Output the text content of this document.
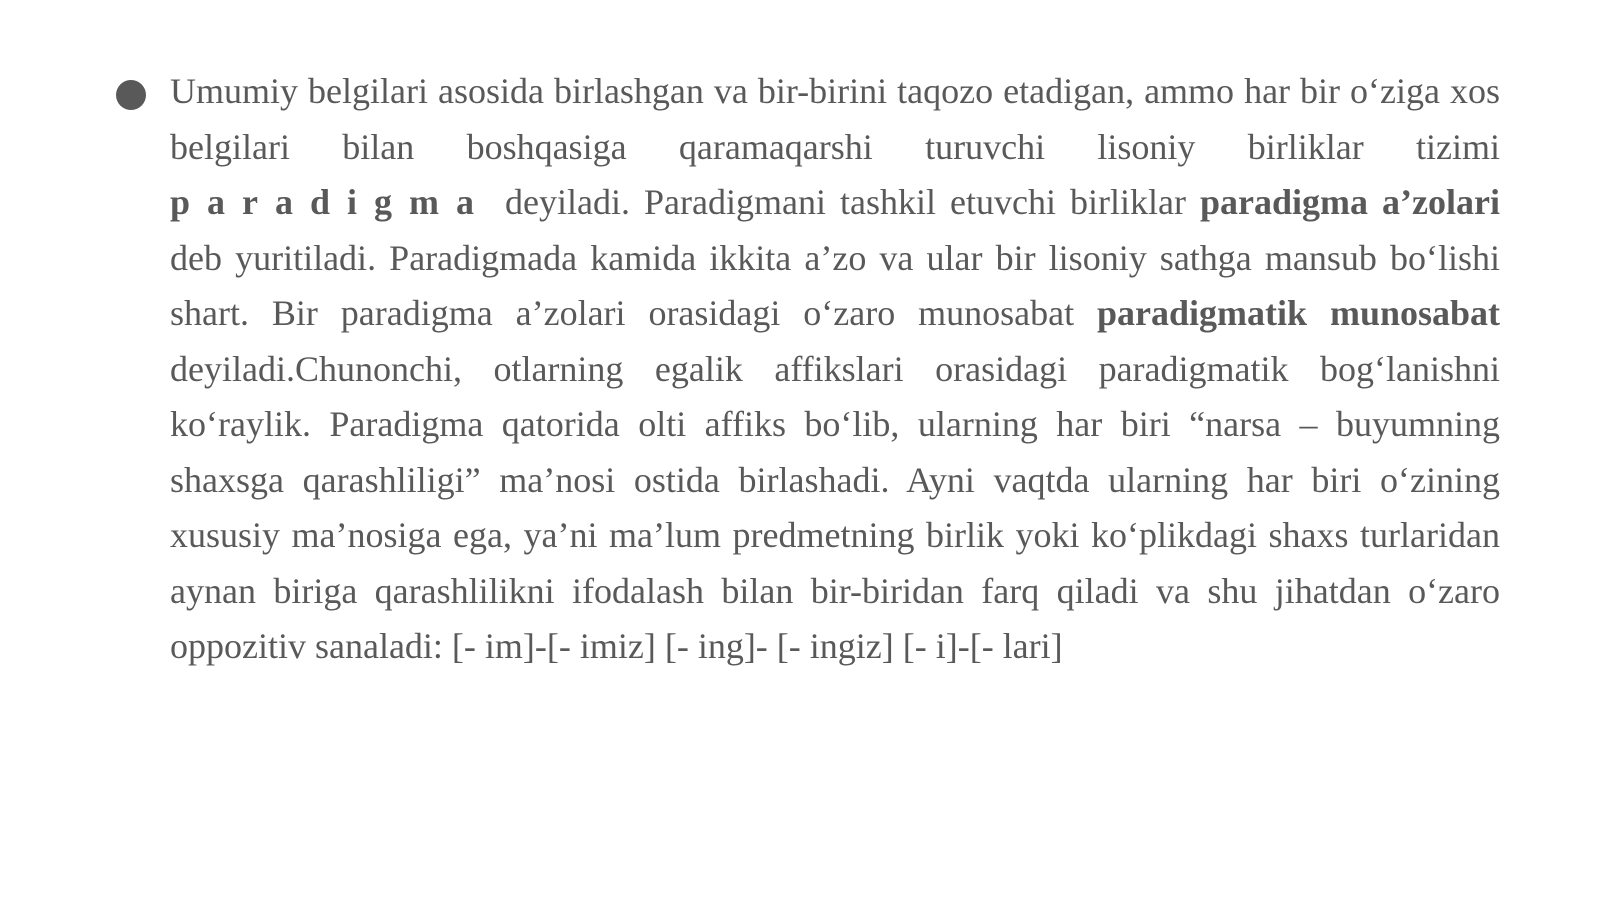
Umumiy belgilari asosida birlashgan va bir-birini taqozo etadigan, ammo har bir o‘ziga xos belgilari bilan boshqasiga qaramaqarshi turuvchi lisoniy birliklar tizimi paradigma deyiladi. Paradigmani tashkil etuvchi birliklar paradigma a’zolari deb yuritiladi. Paradigmada kamida ikkita a’zo va ular bir lisoniy sathga mansub bo‘lishi shart. Bir paradigma a’zolari orasidagi o‘zaro munosabat paradigmatik munosabat deyiladi.Chunonchi, otlarning egalik affikslari orasidagi paradigmatik bog‘lanishni ko‘raylik. Paradigma qatorida olti affiks bo‘lib, ularning har biri “narsa – buyumning shaxsga qarashliligi” ma’nosi ostida birlashadi. Ayni vaqtda ularning har biri o‘zining xususiy ma’nosiga ega, ya’ni ma’lum predmetning birlik yoki ko‘plikdagi shaxs turlaridan aynan biriga qarashlilikni ifodalash bilan bir-biridan farq qiladi va shu jihatdan o‘zaro oppozitiv sanaladi: [- im]-[- imiz] [- ing]- [- ingiz] [- i]-[- lari]
